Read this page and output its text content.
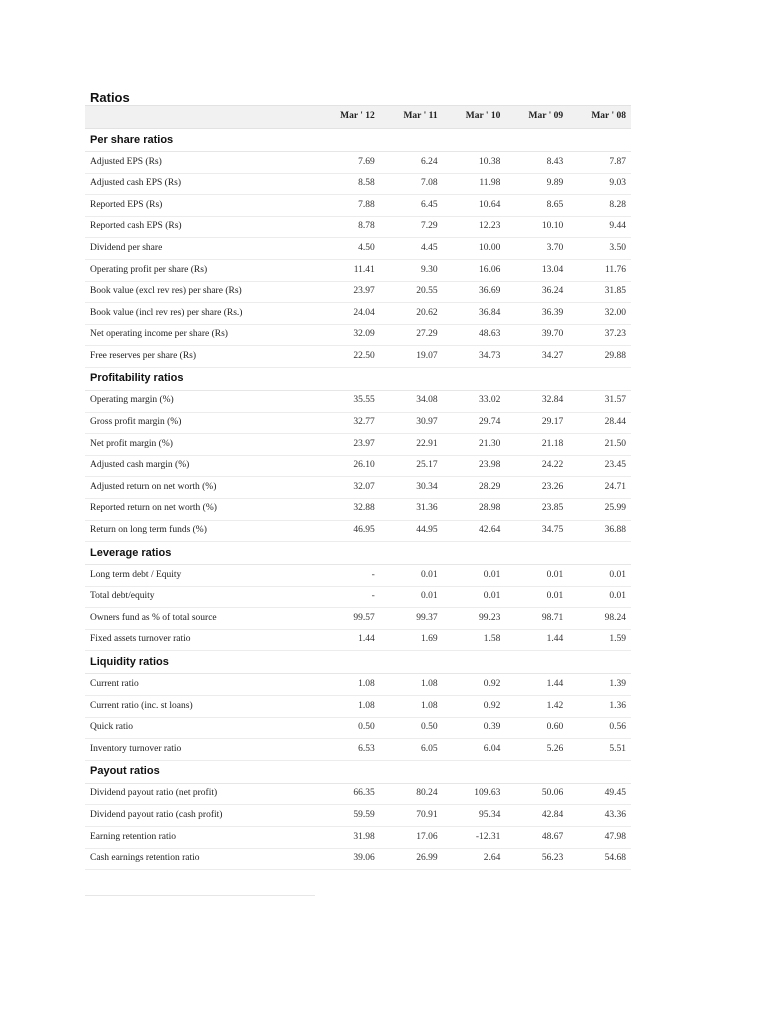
Ratios
	Mar ' 12	Mar ' 11	Mar ' 10	Mar ' 09	Mar ' 08
Per share ratios					
Adjusted EPS (Rs)	7.69	6.24	10.38	8.43	7.87
Adjusted cash EPS (Rs)	8.58	7.08	11.98	9.89	9.03
Reported EPS (Rs)	7.88	6.45	10.64	8.65	8.28
Reported cash EPS (Rs)	8.78	7.29	12.23	10.10	9.44
Dividend per share	4.50	4.45	10.00	3.70	3.50
Operating profit per share (Rs)	11.41	9.30	16.06	13.04	11.76
Book value (excl rev res) per share (Rs)	23.97	20.55	36.69	36.24	31.85
Book value (incl rev res) per share (Rs.)	24.04	20.62	36.84	36.39	32.00
Net operating income per share (Rs)	32.09	27.29	48.63	39.70	37.23
Free reserves per share (Rs)	22.50	19.07	34.73	34.27	29.88
Profitability ratios					
Operating margin (%)	35.55	34.08	33.02	32.84	31.57
Gross profit margin (%)	32.77	30.97	29.74	29.17	28.44
Net profit margin (%)	23.97	22.91	21.30	21.18	21.50
Adjusted cash margin (%)	26.10	25.17	23.98	24.22	23.45
Adjusted return on net worth (%)	32.07	30.34	28.29	23.26	24.71
Reported return on net worth (%)	32.88	31.36	28.98	23.85	25.99
Return on long term funds (%)	46.95	44.95	42.64	34.75	36.88
Leverage ratios					
Long term debt / Equity	-	0.01	0.01	0.01	0.01
Total debt/equity	-	0.01	0.01	0.01	0.01
Owners fund as % of total source	99.57	99.37	99.23	98.71	98.24
Fixed assets turnover ratio	1.44	1.69	1.58	1.44	1.59
Liquidity ratios					
Current ratio	1.08	1.08	0.92	1.44	1.39
Current ratio (inc. st loans)	1.08	1.08	0.92	1.42	1.36
Quick ratio	0.50	0.50	0.39	0.60	0.56
Inventory turnover ratio	6.53	6.05	6.04	5.26	5.51
Payout ratios					
Dividend payout ratio (net profit)	66.35	80.24	109.63	50.06	49.45
Dividend payout ratio (cash profit)	59.59	70.91	95.34	42.84	43.36
Earning retention ratio	31.98	17.06	-12.31	48.67	47.98
Cash earnings retention ratio	39.06	26.99	2.64	56.23	54.68
